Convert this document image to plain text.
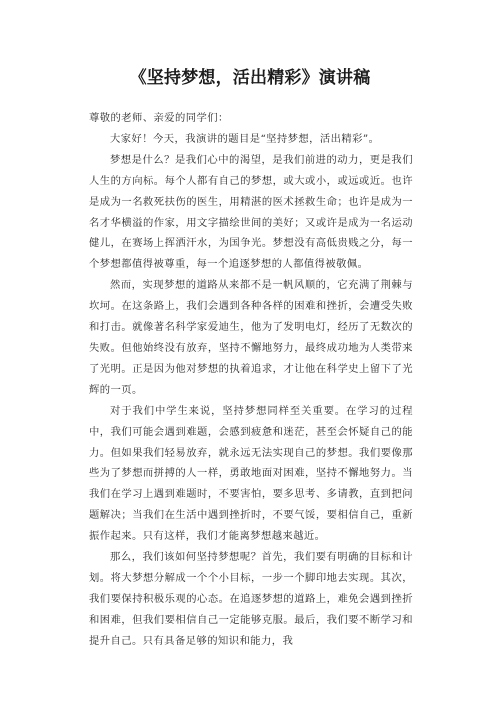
《坚持梦想，活出精彩》演讲稿

尊敬的老师、亲爱的同学们：

大家好！今天，我演讲的题目是“坚持梦想，活出精彩”。

梦想是什么？是我们心中的渴望，是我们前进的动力，更是我们人生的方向标。每个人都有自己的梦想，或大或小，或远或近。也许是成为一名救死扶伤的医生，用精湛的医术拯救生命；也许是成为一名才华横溢的作家，用文字描绘世间的美好；又或许是成为一名运动健儿，在赛场上挥洒汗水，为国争光。梦想没有高低贵贱之分，每一个梦想都值得被尊重，每一个追逐梦想的人都值得被敬佩。

然而，实现梦想的道路从来都不是一帆风顺的，它充满了荆棘与坎坷。在这条路上，我们会遇到各种各样的困难和挫折，会遭受失败和打击。就像著名科学家爱迪生，他为了发明电灯，经历了无数次的失败。但他始终没有放弃，坚持不懈地努力，最终成功地为人类带来了光明。正是因为他对梦想的执着追求，才让他在科学史上留下了光辉的一页。

对于我们中学生来说，坚持梦想同样至关重要。在学习的过程中，我们可能会遇到难题，会感到疲惫和迷茫，甚至会怀疑自己的能力。但如果我们轻易放弃，就永远无法实现自己的梦想。我们要像那些为了梦想而拼搏的人一样，勇敢地面对困难，坚持不懈地努力。当我们在学习上遇到难题时，不要害怕，要多思考、多请教，直到把问题解决；当我们在生活中遇到挫折时，不要气馁，要相信自己，重新振作起来。只有这样，我们才能离梦想越来越近。

那么，我们该如何坚持梦想呢？首先，我们要有明确的目标和计划。将大梦想分解成一个个小目标，一步一个脚印地去实现。其次，我们要保持积极乐观的心态。在追逐梦想的道路上，难免会遇到挫折和困难，但我们要相信自己一定能够克服。最后，我们要不断学习和提升自己。只有具备足够的知识和能力，我
